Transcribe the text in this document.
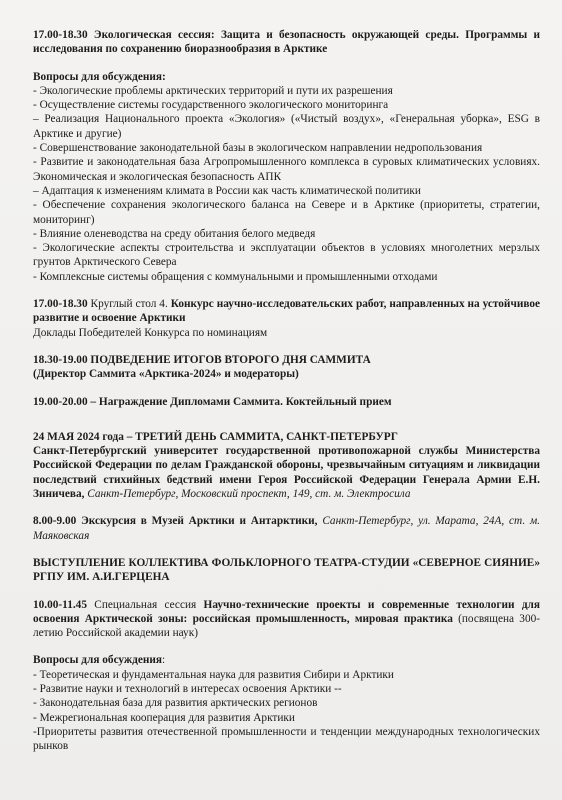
17.00-18.30 Экологическая сессия: Защита и безопасность окружающей среды. Программы и исследования по сохранению биоразнообразия в Арктике

Вопросы для обсуждения:

- Экологические проблемы арктических территорий и пути их разрешения

- Осуществление системы государственного экологического мониторинга

– Реализация Национального проекта «Экология» («Чистый воздух», «Генеральная уборка», ESG в Арктике и другие)

- Совершенствование законодательной базы в экологическом направлении недропользования

- Развитие и законодательная база Агропромышленного комплекса в суровых климатических условиях. Экономическая и экологическая безопасность АПК

– Адаптация к изменениям климата в России как часть климатической политики

- Обеспечение сохранения экологического баланса на Севере и в Арктике (приоритеты, стратегии, мониторинг)

- Влияние оленеводства на среду обитания белого медведя

- Экологические аспекты строительства и эксплуатации объектов в условиях многолетних мерзлых грунтов Арктического Севера

- Комплексные системы обращения с коммунальными и промышленными отходами

17.00-18.30 Круглый стол 4. Конкурс научно-исследовательских работ, направленных на устойчивое развитие и освоение Арктики

Доклады Победителей Конкурса по номинациям

18.30-19.00 ПОДВЕДЕНИЕ ИТОГОВ ВТОРОГО ДНЯ САММИТА

(Директор Саммита «Арктика-2024» и модераторы)

19.00-20.00 – Награждение Дипломами Саммита. Коктейльный прием

24 МАЯ 2024 года – ТРЕТИЙ ДЕНЬ САММИТА, САНКТ-ПЕТЕРБУРГ

Санкт-Петербургский университет государственной противопожарной службы Министерства Российской Федерации по делам Гражданской обороны, чрезвычайным ситуациям и ликвидации последствий стихийных бедствий имени Героя Российской Федерации Генерала Армии Е.Н. Зиничева, Санкт-Петербург, Московский проспект, 149, ст. м. Электросила

8.00-9.00 Экскурсия в Музей Арктики и Антарктики, Санкт-Петербург, ул. Марата, 24А, ст. м. Маяковская

ВЫСТУПЛЕНИЕ КОЛЛЕКТИВА ФОЛЬКЛОРНОГО ТЕАТРА-СТУДИИ «СЕВЕРНОЕ СИЯНИЕ» РГПУ ИМ. А.И.ГЕРЦЕНА

10.00-11.45 Специальная сессия Научно-технические проекты и современные технологии для освоения Арктической зоны: российская промышленность, мировая практика (посвящена 300-летию Российской академии наук)

Вопросы для обсуждения:

- Теоретическая и фундаментальная наука для развития Сибири и Арктики

- Развитие науки и технологий в интересах освоения Арктики --

- Законодательная база для развития арктических регионов

- Межрегиональная кооперация для развития Арктики

-Приоритеты развития отечественной промышленности и тенденции международных технологических рынков
